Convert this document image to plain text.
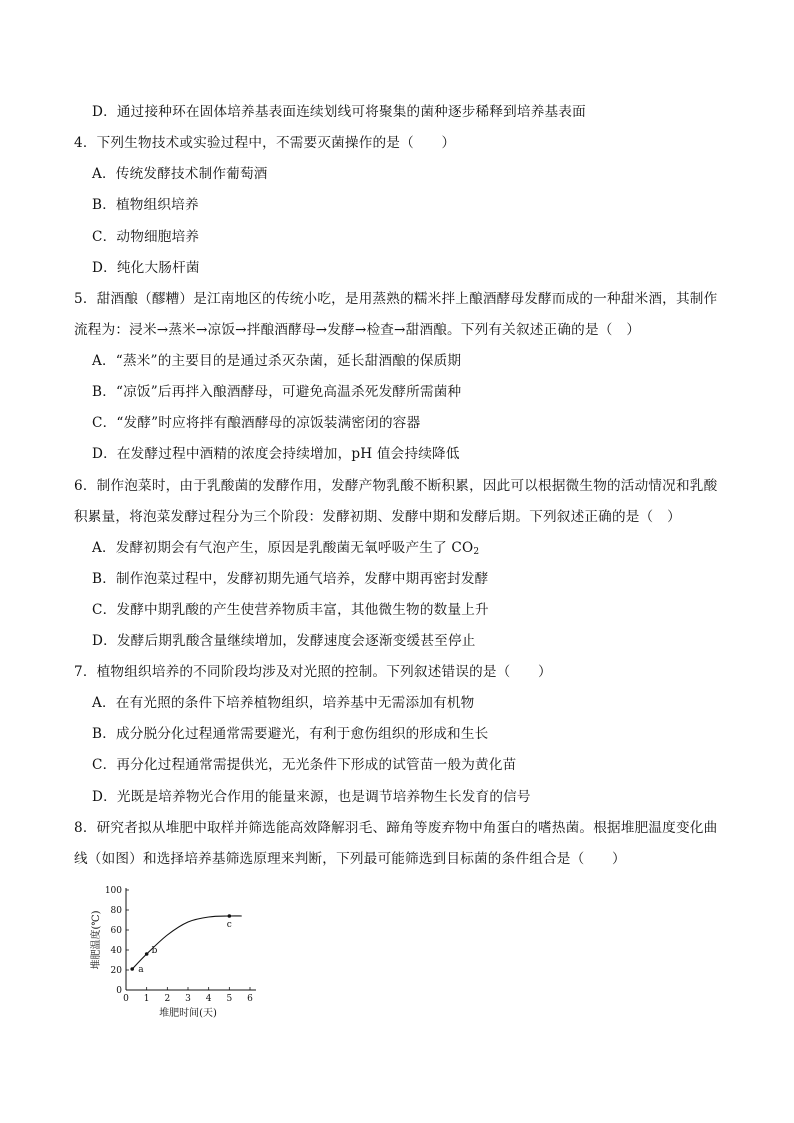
D．通过接种环在固体培养基表面连续划线可将聚集的菌种逐步稀释到培养基表面
4．下列生物技术或实验过程中，不需要灭菌操作的是（　　）
A．传统发酵技术制作葡萄酒
B．植物组织培养
C．动物细胞培养
D．纯化大肠杆菌
5．甜酒酿（醪糟）是江南地区的传统小吃，是用蒸熟的糯米拌上酿酒酵母发酵而成的一种甜米酒，其制作
流程为：浸米→蒸米→凉饭→拌酿酒酵母→发酵→检查→甜酒酿。下列有关叙述正确的是（　）
A．“蒸米”的主要目的是通过杀灭杂菌，延长甜酒酿的保质期
B．“凉饭”后再拌入酿酒酵母，可避免高温杀死发酵所需菌种
C．“发酵”时应将拌有酿酒酵母的凉饭装满密闭的容器
D．在发酵过程中酒精的浓度会持续增加，pH 值会持续降低
6．制作泡菜时，由于乳酸菌的发酵作用，发酵产物乳酸不断积累，因此可以根据微生物的活动情况和乳酸
积累量，将泡菜发酵过程分为三个阶段：发酵初期、发酵中期和发酵后期。下列叙述正确的是（　）
A．发酵初期会有气泡产生，原因是乳酸菌无氧呼吸产生了 $CO_2$
B．制作泡菜过程中，发酵初期先通气培养，发酵中期再密封发酵
C．发酵中期乳酸的产生使营养物质丰富，其他微生物的数量上升
D．发酵后期乳酸含量继续增加，发酵速度会逐渐变缓甚至停止
7．植物组织培养的不同阶段均涉及对光照的控制。下列叙述错误的是（　　）
A．在有光照的条件下培养植物组织，培养基中无需添加有机物
B．成分脱分化过程通常需要避光，有利于愈伤组织的形成和生长
C．再分化过程通常需提供光，无光条件下形成的试管苗一般为黄化苗
D．光既是培养物光合作用的能量来源，也是调节培养物生长发育的信号
8．研究者拟从堆肥中取样并筛选能高效降解羽毛、蹄角等废弃物中角蛋白的嗜热菌。根据堆肥温度变化曲
线（如图）和选择培养基筛选原理来判断，下列最可能筛选到目标菌的条件组合是（　　）
0 1 2 3 4 5 6
0
20
40
60
80
100
堆肥时间(天)
堆肥温度(℃)
a
b
c
